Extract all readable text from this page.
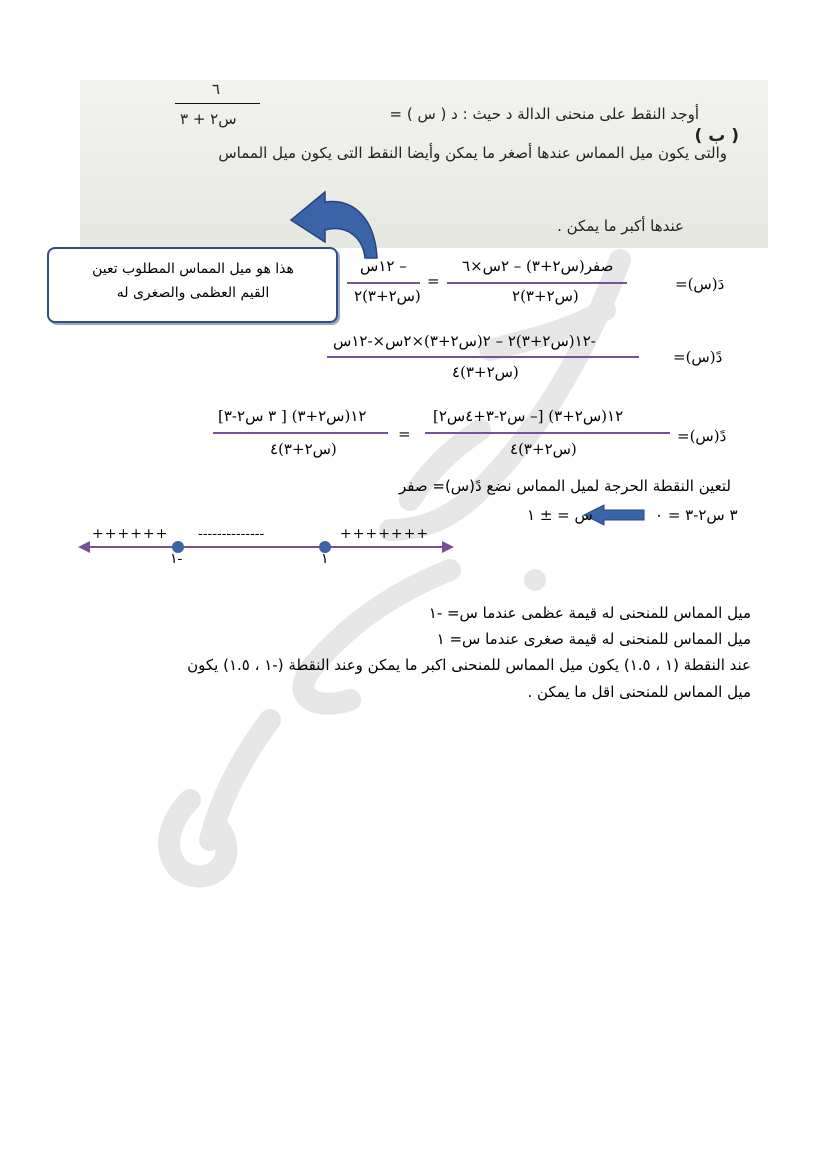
( ب )
أوجد النقط على منحنى الدالة د حيث : د ( س ) =
٦
س٢ + ٣
والتى يكون ميل المماس عندها أصغر ما يمكن وأيضا النقط التى يكون ميل المماس
عندها أكبر ما يمكن .
هذا هو ميل المماس المطلوب تعين
القيم العظمى والصغرى له	دَ(س)=
صفر(س٢+٣) – ٢س×٦
(س٢+٣)٢
=
– ١٢س
(س٢+٣)٢
دً(س)=
-١٢(س٢+٣)٢ – ٢(س٢+٣)×٢س×-١٢س
(س٢+٣)٤
دً(س)=
١٢(س٢+٣) [– س٢-٣+٤س٢]
(س٢+٣)٤
=
١٢(س٢+٣) [ ٣ س٢-٣]
(س٢+٣)٤
لتعين النقطة الحرجة لميل المماس نضع دً(س)= صفر
٣ س٢-٣ = ٠
س = ± ١
++++++ --------------	+++++++
١-	١
ميل المماس للمنحنى له قيمة عظمى عندما س= -١
ميل المماس للمنحنى له قيمة صغرى عندما س= ١
عند النقطة (١ ، ١.٥) يكون ميل المماس للمنحنى اكبر ما يمكن وعند النقطة (-١ ، ١.٥) يكون
ميل المماس للمنحنى اقل ما يمكن .
